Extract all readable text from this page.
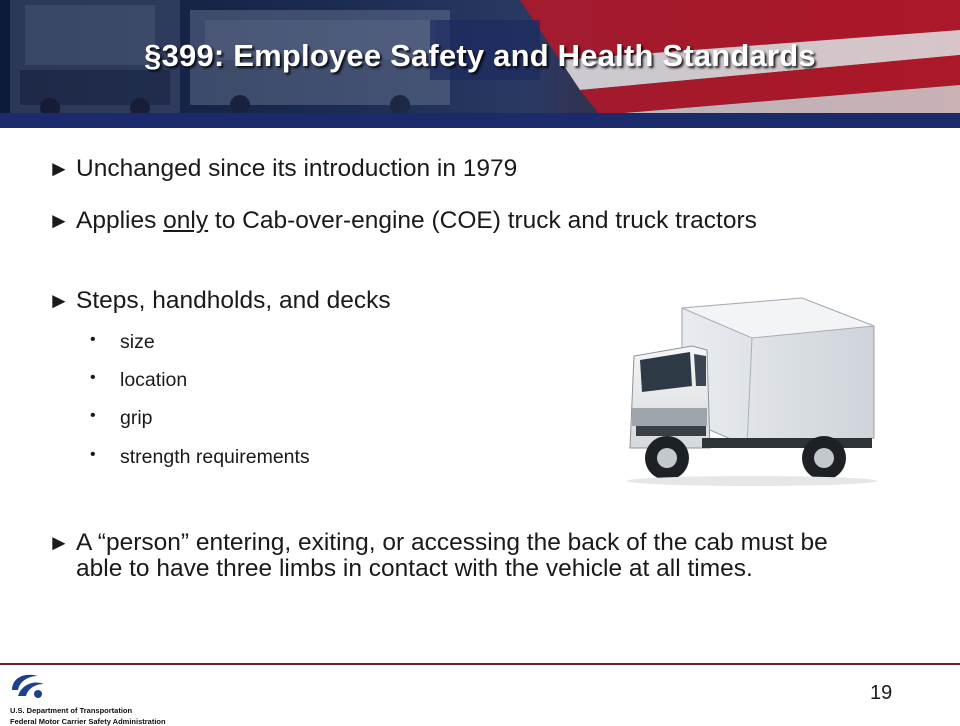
§399: Employee Safety and Health Standards
► Unchanged since its introduction in 1979
► Applies only to Cab-over-engine (COE) truck and truck tractors
► Steps, handholds, and decks
• size
• location
• grip
• strength requirements
► A “person” entering, exiting, or accessing the back of the cab must be able to have three limbs in contact with the vehicle at all times.
U.S. Department of Transportation
Federal Motor Carrier Safety Administration
19
